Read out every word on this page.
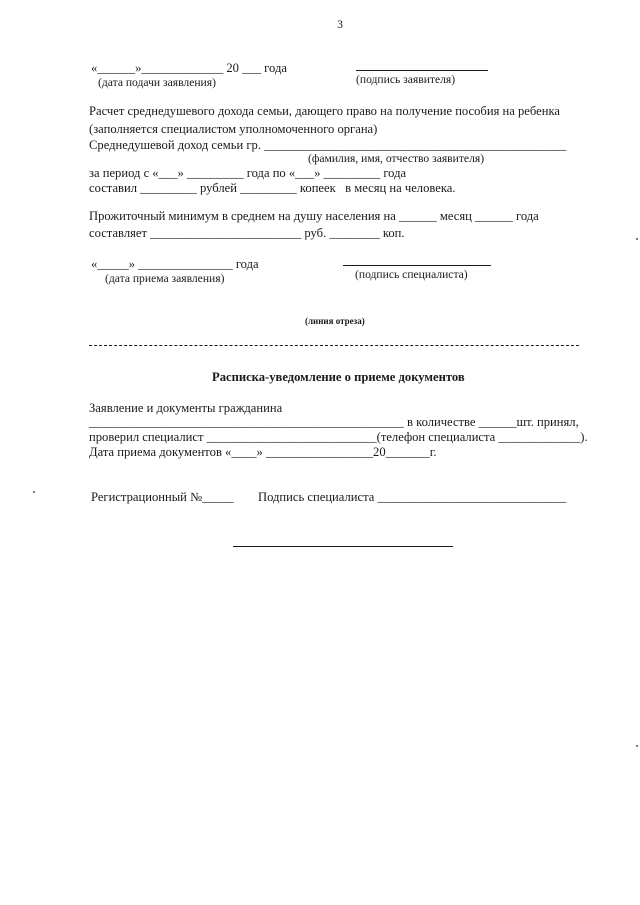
3
«______»_____________ 20 ___ года
(дата подачи заявления)	(подпись заявителя)
Расчет среднедушевого дохода семьи, дающего право на получение пособия на ребенка
(заполняется специалистом уполномоченного органа)
Среднедушевой доход семьи гр. ________________________________________________
(фамилия, имя, отчество заявителя)
за период с «___» _________ года по «___» _________ года
составил _________ рублей _________ копеек   в месяц на человека.
Прожиточный минимум в среднем на душу населения на ______ месяц ______ года
составляет ________________________ руб. ________ коп.
«_____» _______________ года
(дата приема заявления)	(подпись специалиста)
(линия отреза)
Расписка-уведомление о приеме документов
Заявление и документы гражданина
__________________________________________________ в количестве ______шт. принял,
проверил специалист ___________________________(телефон специалиста _____________).
Дата приема документов «____» _________________20_______г.
Регистрационный №_____ Подпись специалиста ______________________________
